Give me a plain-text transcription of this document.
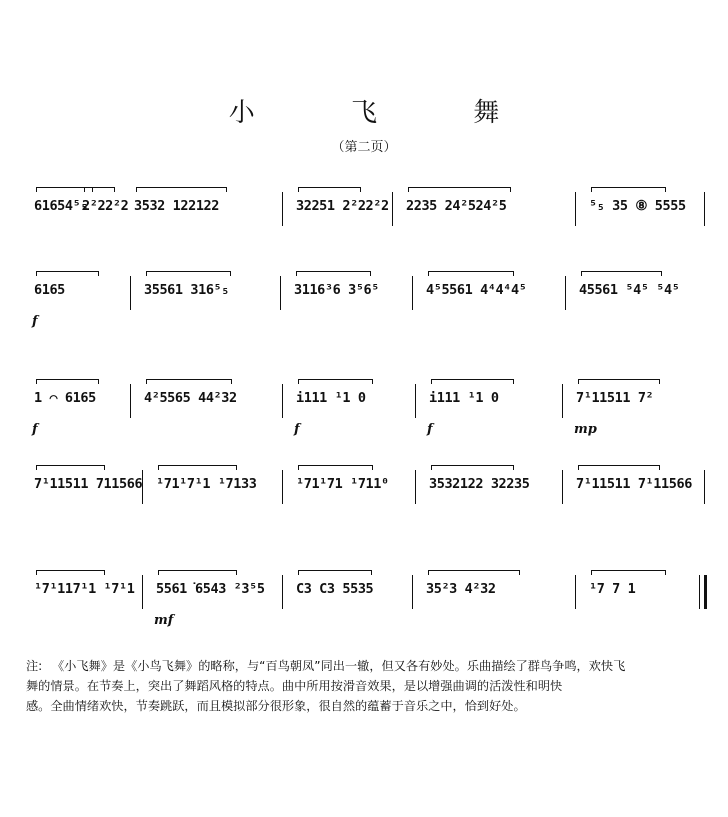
小 飞 舞
（第二页）
61654⁵₅
2²22²2 3532 122122	32251 2²22²2 2235 24²524²5	⁵₅ 35 ⑧ 5555
6165
f
35561 316⁵₅	3116³6 3⁵6⁵	4⁵5561 4⁴4⁴4⁵	45561 ⁵4⁵ ⁵4⁵
1 ⌒ 6165
f
4²5565 44²32	i111 ¹1 0
f
i111 ¹1 0
f
7¹11511 7²
mp
7¹11511 711566 ¹71¹7¹1 ¹7133	¹71¹71 ¹711⁰	3532122 32235	7¹11511 7¹11566
¹7¹117¹1 ¹7¹1 5561͘6543 ²3⁵5
mf
C3 C3 5535	35²3 4²32	¹7 7 1
注: 《小飞舞》是《小鸟飞舞》的略称，与“百鸟朝凤”同出一辙，但又各有妙处。乐曲描绘了群鸟争鸣，欢快飞

舞的情景。在节奏上，突出了舞蹈风格的特点。曲中所用按滑音效果，是以增强曲调的活泼性和明快

感。全曲情绪欢快，节奏跳跃，而且模拟部分很形象，很自然的蕴蓄于音乐之中，恰到好处。
